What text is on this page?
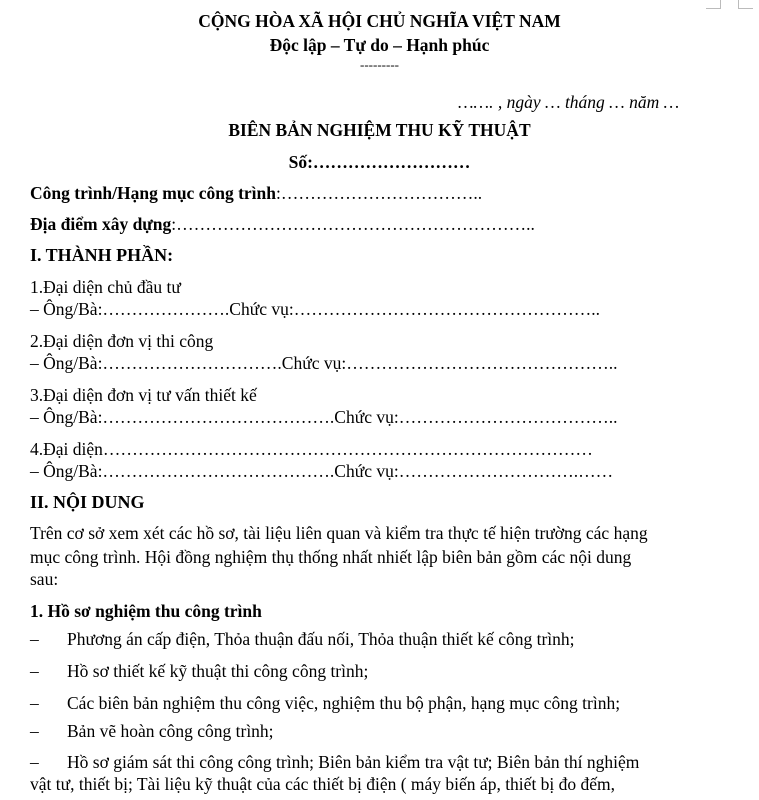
CỘNG HÒA XÃ HỘI CHỦ NGHĨA VIỆT NAM
Độc lập – Tự do – Hạnh phúc
---------
……. , ngày … tháng … năm …
BIÊN BẢN NGHIỆM THU KỸ THUẬT
Số:………………………
Công trình/Hạng mục công trình:……………………………..
Địa điểm xây dựng:……………………………………………………..
I. THÀNH PHẦN:
1.Đại diện chủ đầu tư
– Ông/Bà:………………….Chức vụ:……………………………………………..
2.Đại diện đơn vị thi công
– Ông/Bà:………………………….Chức vụ:………………………………………..
3.Đại diện đơn vị tư vấn thiết kế
– Ông/Bà:………………………………….Chức vụ:………………………………..
4.Đại diện…………………………………………………………………………
– Ông/Bà:………………………………….Chức vụ:………………………….……
II. NỘI DUNG
Trên cơ sở xem xét các hồ sơ, tài liệu liên quan và kiểm tra thực tế hiện trường các hạng
mục công trình. Hội đồng nghiệm thụ thống nhất nhiết lập biên bản gồm các nội dung
sau:
1. Hồ sơ nghiệm thu công trình
– Phương án cấp điện, Thỏa thuận đấu nối, Thỏa thuận thiết kế công trình;
– Hồ sơ thiết kế kỹ thuật thi công công trình;
– Các biên bản nghiệm thu công việc, nghiệm thu bộ phận, hạng mục công trình;
– Bản vẽ hoàn công công trình;
– Hồ sơ giám sát thi công công trình; Biên bản kiểm tra vật tư; Biên bản thí nghiệm
vật tư, thiết bị; Tài liệu kỹ thuật của các thiết bị điện ( máy biến áp, thiết bị đo đếm,
